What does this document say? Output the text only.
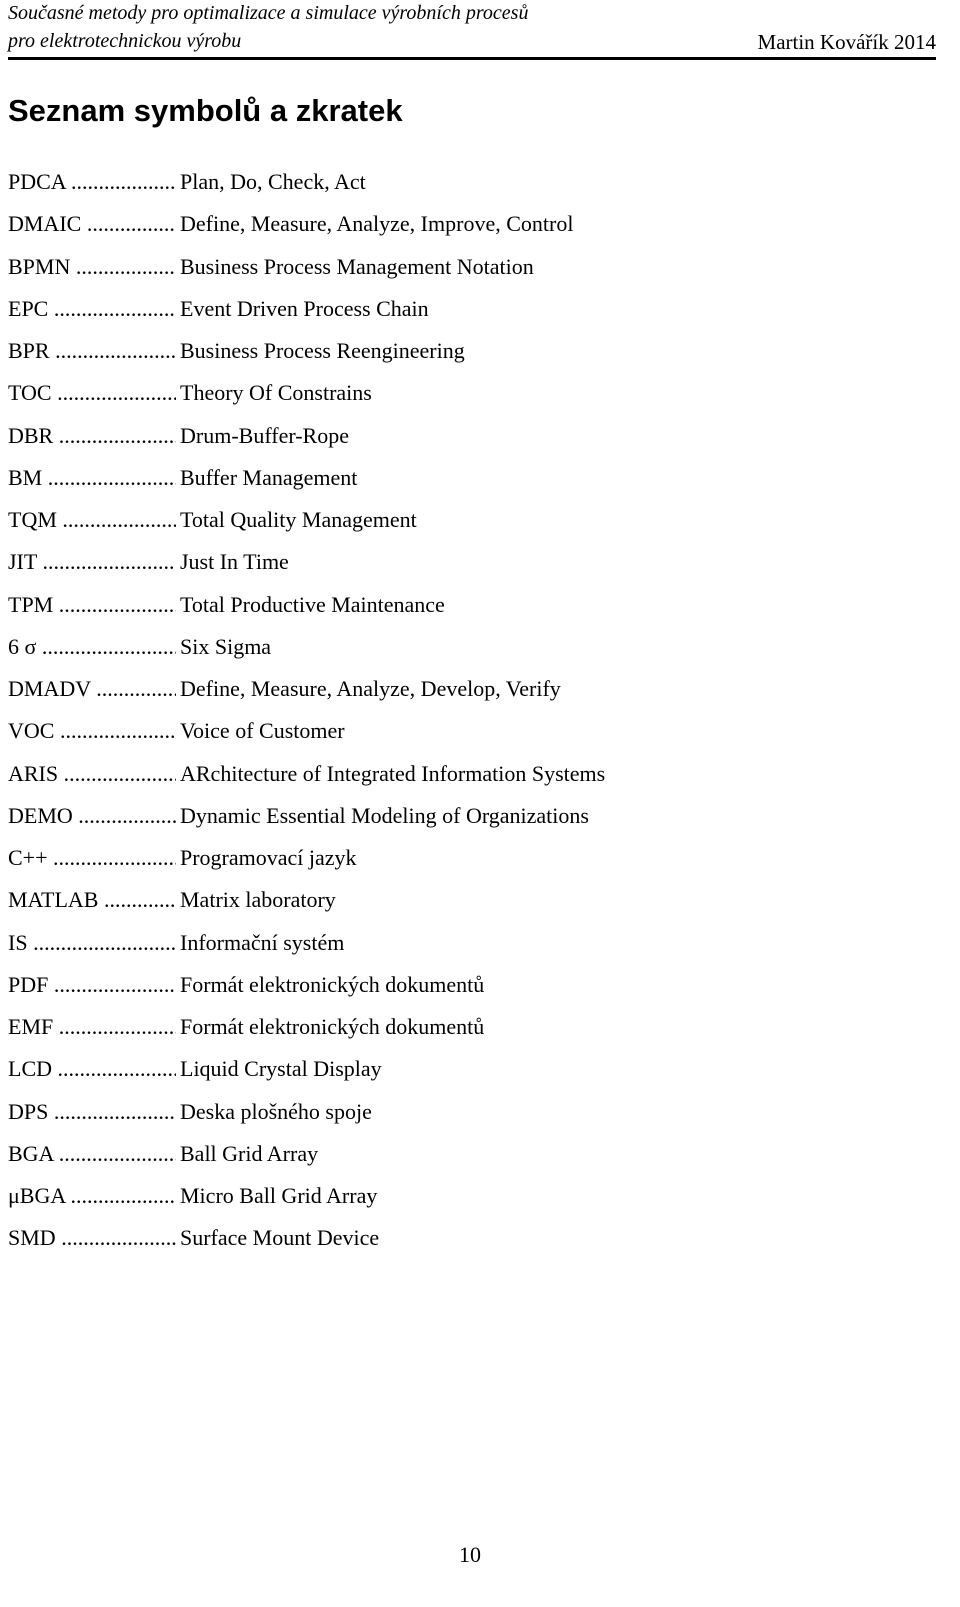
Současné metody pro optimalizace a simulace výrobních procesů
pro elektrotechnickou výrobu	Martin Kovářík 2014
Seznam symbolů a zkratek
PDCA .....	Plan, Do, Check, Act
DMAIC .....	Define, Measure, Analyze, Improve, Control
BPMN .....	Business Process Management Notation
EPC .....	Event Driven Process Chain
BPR .....	Business Process Reengineering
TOC .....	Theory Of Constrains
DBR .....	Drum-Buffer-Rope
BM .....	Buffer Management
TQM .....	Total Quality Management
JIT .....	Just In Time
TPM .....	Total Productive Maintenance
6 σ .....	Six Sigma
DMADV .....	Define, Measure, Analyze, Develop, Verify
VOC .....	Voice of Customer
ARIS .....	ARchitecture of Integrated Information Systems
DEMO .....	Dynamic Essential Modeling of Organizations
C++ .....	Programovací jazyk
MATLAB .....	Matrix laboratory
IS .....	Informační systém
PDF .....	Formát elektronických dokumentů
EMF .....	Formát elektronických dokumentů
LCD .....	Liquid Crystal Display
DPS .....	Deska plošného spoje
BGA .....	Ball Grid Array
μBGA .....	Micro Ball Grid Array
SMD .....	Surface Mount Device
10
